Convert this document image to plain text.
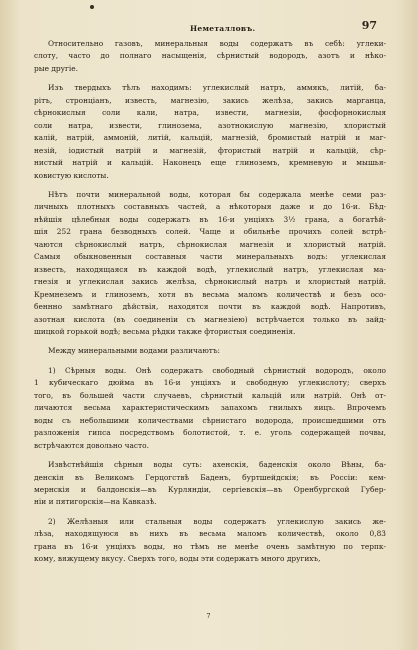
Неметалловъ.	97

Относительно газовъ, минеральныя воды содержатъ въ себѣ: углеки-
слоту, часто до полнаго насыщенія, сѣрнистый водородъ, азотъ и нѣко-
рые другіе.

Изъ твердыхъ тѣлъ находимъ: углекислый натръ, аммякъ, литій, ба-
рітъ, стронціанъ, известь, магнезію, закись желѣза, закись марганца,
сѣрнокислыя соли кали, натра, извести, магнезіи, фосфорнокислыя
соли натра, извести, глинозема, азотнокислую магнезію, хлористый
калій, натрій, аммоній, литій, кальцій, магнезій, бромистый натрій и маг-
незій, іодистый натрій и магнезій, фтористый натрій и кальцій, сѣр-
нистый натрій и кальцій. Наконецъ еще глиноземъ, кремневую и мышья-
ковистую кислоты.

Нѣтъ почти минеральной воды, которая бы содержала менѣе семи раз-
личныхъ плотныхъ составныхъ частей, а нѣкоторыя даже и до 16-и. Бѣд-
нѣйшія цѣлебныя воды содержатъ въ 16-и унціяхъ 3½ грана, а богатѣй-
шія 252 грана безводныхъ солей. Чаще и обильнѣе прочихъ солей встрѣ-
чаются сѣрнокислый натръ, сѣрнокислая магнезія и хлористый натрій.
Самыя обыкновенныя составныя части минеральныхъ водъ: углекислая
известь, находящаяся въ каждой водѣ, углекислый натръ, углекислая ма-
гнезія и углекислая закись желѣза, сѣрнокислый натръ и хлористый натрій.
Кремнеземъ и глиноземъ, хотя въ весьма маломъ количествѣ и безъ осо-
беннно замѣтнаго дѣйствія, находятся почти въ каждой водѣ. Напротивъ,
азотная кислота (въ соединеніи съ магнезіею) встрѣчается только въ зайд-
шицкой горькой водѣ; весьма рѣдки также фтористыя соединенія.

Между минеральными водами различаютъ:

1) Сѣрныя воды. Онѣ содержатъ свободный сѣрнистый водородъ, около
1 кубическаго дюйма въ 16-и унціяхъ и свободную углекислоту; сверхъ
того, въ большей части случаевъ, сѣрнистый кальцій или натрій. Онѣ от-
личаются весьма характеристическимъ запахомъ гнилыхъ яицъ. Впрочемъ
воды съ небольшими количествами сѣрнистаго водорода, происшедшими отъ
разложенія гипса посредствомъ болотистой, т. е. уголь содержащей почвы,
встрѣчаются довольно часто.

Извѣстнѣйшія сѣрныя воды суть: ахенскія, баденскія около Вѣны, ба-
денскія въ Великомъ Герцогствѣ Баденъ, буртшейдскія; въ Россіи: кем-
мернскія и балдонскія—въ Курляндіи, сергіевскія—въ Оренбургской Губер-
ніи и пятигорскія—на Кавказѣ.

2) Желѣзныя или стальныя воды содержатъ углекислую закись же-
лѣза, находящуюся въ нихъ въ весьма маломъ количествѣ, около 0,83
грана въ 16-и унціяхъ воды, но тѣмъ не менѣе очень замѣтную по терпк-
кому, вяжущему вкусу. Сверхъ того, воды эти содержатъ много другихъ,

7
